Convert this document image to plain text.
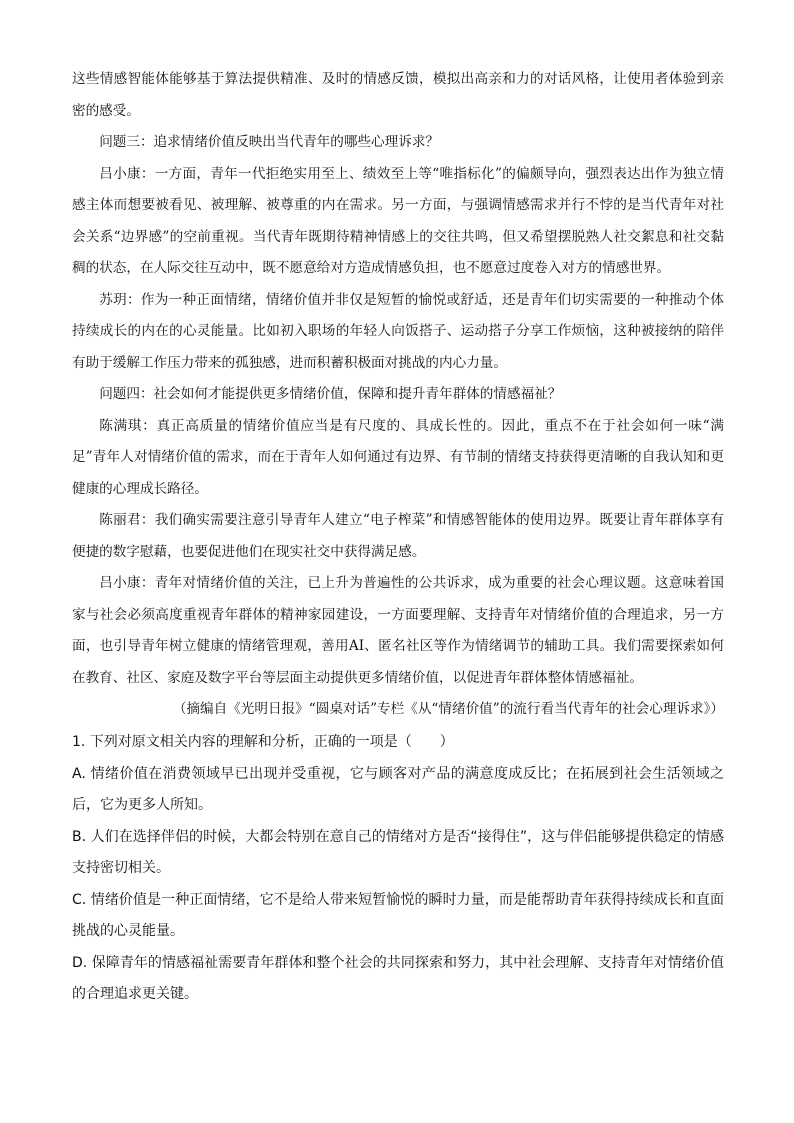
这些情感智能体能够基于算法提供精准、及时的情感反馈，模拟出高亲和力的对话风格，让使用者体验到亲密的感受。

问题三：追求情绪价值反映出当代青年的哪些心理诉求？

吕小康：一方面，青年一代拒绝实用至上、绩效至上等“唯指标化”的偏颇导向，强烈表达出作为独立情感主体而想要被看见、被理解、被尊重的内在需求。另一方面，与强调情感需求并行不悖的是当代青年对社会关系“边界感”的空前重视。当代青年既期待精神情感上的交往共鸣，但又希望摆脱熟人社交絮息和社交黏稠的状态，在人际交往互动中，既不愿意给对方造成情感负担，也不愿意过度卷入对方的情感世界。

苏玥：作为一种正面情绪，情绪价值并非仅是短暂的愉悦或舒适，还是青年们切实需要的一种推动个体持续成长的内在的心灵能量。比如初入职场的年轻人向饭搭子、运动搭子分享工作烦恼，这种被接纳的陪伴有助于缓解工作压力带来的孤独感，进而积蓄积极面对挑战的内心力量。

问题四：社会如何才能提供更多情绪价值，保障和提升青年群体的情感福祉？

陈满琪：真正高质量的情绪价值应当是有尺度的、具成长性的。因此，重点不在于社会如何一味“满足”青年人对情绪价值的需求，而在于青年人如何通过有边界、有节制的情绪支持获得更清晰的自我认知和更健康的心理成长路径。

陈丽君：我们确实需要注意引导青年人建立“电子榨菜”和情感智能体的使用边界。既要让青年群体享有便捷的数字慰藉，也要促进他们在现实社交中获得满足感。

吕小康：青年对情绪价值的关注，已上升为普遍性的公共诉求，成为重要的社会心理议题。这意味着国家与社会必须高度重视青年群体的精神家园建设，一方面要理解、支持青年对情绪价值的合理追求，另一方面，也引导青年树立健康的情绪管理观，善用AI、匿名社区等作为情绪调节的辅助工具。我们需要探索如何在教育、社区、家庭及数字平台等层面主动提供更多情绪价值，以促进青年群体整体情感福祉。

（摘编自《光明日报》“圆桌对话”专栏《从“情绪价值”的流行看当代青年的社会心理诉求》）

1. 下列对原文相关内容的理解和分析，正确的一项是（　　）

A. 情绪价值在消费领域早已出现并受重视，它与顾客对产品的满意度成反比；在拓展到社会生活领域之后，它为更多人所知。

B. 人们在选择伴侣的时候，大都会特别在意自己的情绪对方是否“接得住”，这与伴侣能够提供稳定的情感支持密切相关。

C. 情绪价值是一种正面情绪，它不是给人带来短暂愉悦的瞬时力量，而是能帮助青年获得持续成长和直面挑战的心灵能量。

D. 保障青年的情感福祉需要青年群体和整个社会的共同探索和努力，其中社会理解、支持青年对情绪价值的合理追求更关键。
